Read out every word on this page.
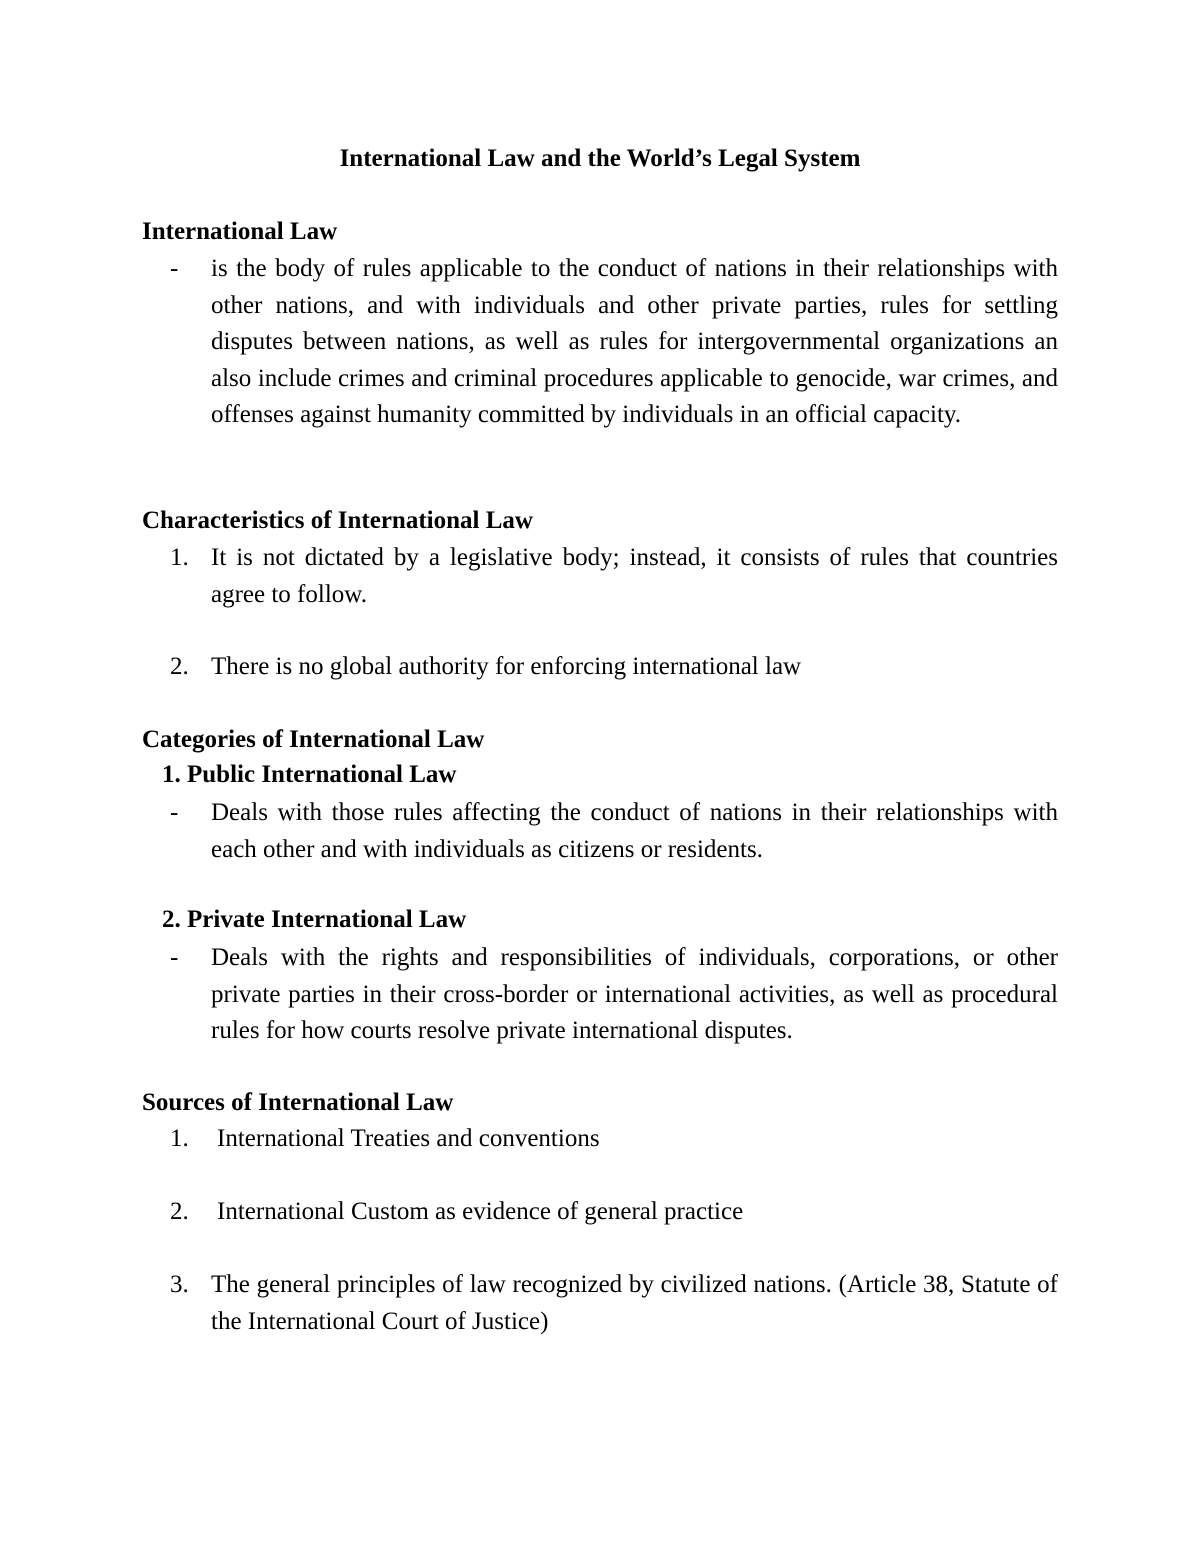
International Law and the World’s Legal System
International Law
- is the body of rules applicable to the conduct of nations in their relationships with other nations, and with individuals and other private parties, rules for settling disputes between nations, as well as rules for intergovernmental organizations an also include crimes and criminal procedures applicable to genocide, war crimes, and offenses against humanity committed by individuals in an official capacity.
Characteristics of International Law
1. It is not dictated by a legislative body; instead, it consists of rules that countries agree to follow.
2. There is no global authority for enforcing international law
Categories of International Law
1. Public International Law
- Deals with those rules affecting the conduct of nations in their relationships with each other and with individuals as citizens or residents.
2. Private International Law
- Deals with the rights and responsibilities of individuals, corporations, or other private parties in their cross-border or international activities, as well as procedural rules for how courts resolve private international disputes.
Sources of International Law
1. International Treaties and conventions
2. International Custom as evidence of general practice
3. The general principles of law recognized by civilized nations. (Article 38, Statute of the International Court of Justice)
